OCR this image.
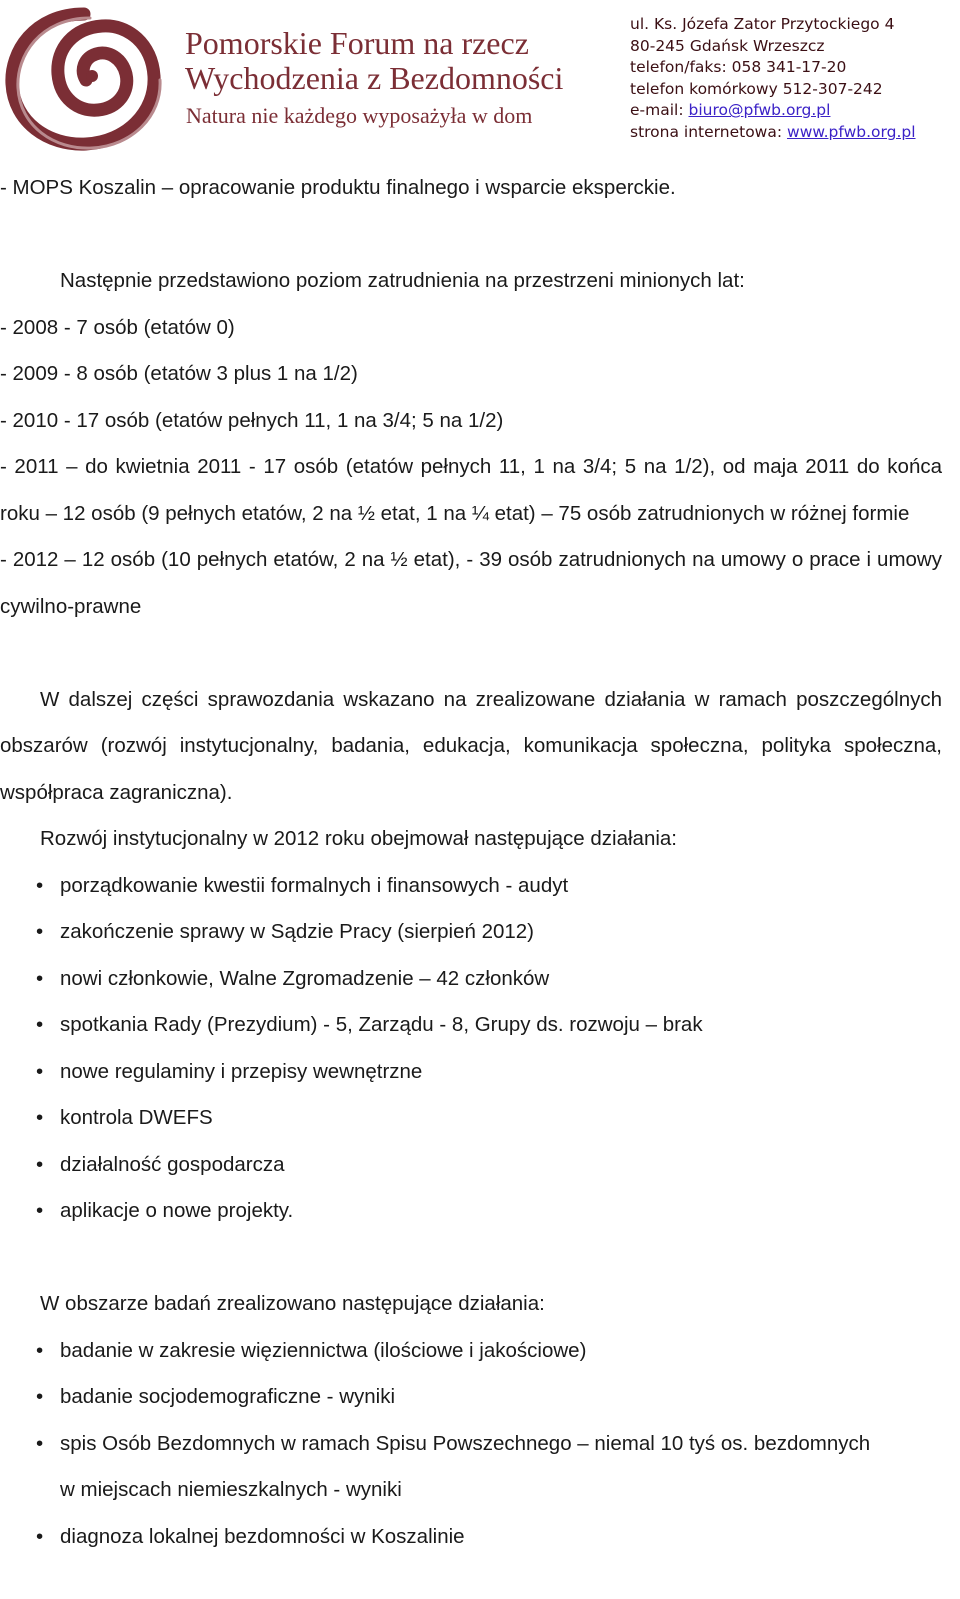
Pomorskie Forum na rzecz
Wychodzenia z Bezdomności
Natura nie każdego wyposażyła w dom
ul. Ks. Józefa Zator Przytockiego 4
80-245 Gdańsk Wrzeszcz
telefon/faks: 058 341-17-20
telefon komórkowy 512-307-242
e-mail: biuro@pfwb.org.pl
strona internetowa: www.pfwb.org.pl

- MOPS Koszalin – opracowanie produktu finalnego i wsparcie eksperckie.

Następnie przedstawiono poziom zatrudnienia na przestrzeni minionych lat:

- 2008 - 7 osób (etatów 0)

- 2009 - 8 osób (etatów 3 plus 1 na 1/2)

- 2010 - 17 osób (etatów pełnych 11, 1 na 3/4; 5 na 1/2)

- 2011 – do kwietnia 2011 - 17 osób (etatów pełnych 11, 1 na 3/4; 5 na 1/2), od maja 2011 do końca roku – 12 osób (9 pełnych etatów, 2 na ½ etat, 1 na ¼ etat) – 75 osób zatrudnionych w różnej formie

- 2012 – 12 osób (10 pełnych etatów, 2 na ½ etat), - 39 osób zatrudnionych na umowy o prace i umowy cywilno-prawne

W dalszej części sprawozdania wskazano na zrealizowane działania w ramach poszczególnych obszarów (rozwój instytucjonalny, badania, edukacja, komunikacja społeczna, polityka społeczna, współpraca zagraniczna).

Rozwój instytucjonalny w 2012 roku obejmował następujące działania:

• porządkowanie kwestii formalnych i finansowych - audyt
• zakończenie sprawy w Sądzie Pracy (sierpień 2012)
• nowi członkowie, Walne Zgromadzenie – 42 członków
• spotkania Rady (Prezydium) - 5, Zarządu - 8, Grupy ds. rozwoju – brak
• nowe regulaminy i przepisy wewnętrzne
• kontrola DWEFS
• działalność gospodarcza
• aplikacje o nowe projekty.

W obszarze badań zrealizowano następujące działania:

• badanie w zakresie więziennictwa (ilościowe i jakościowe)
• badanie socjodemograficzne - wyniki
• spis Osób Bezdomnych w ramach Spisu Powszechnego – niemal 10 tyś os. bezdomnych
w miejscach niemieszkalnych - wyniki
• diagnoza lokalnej bezdomności w Koszalinie
